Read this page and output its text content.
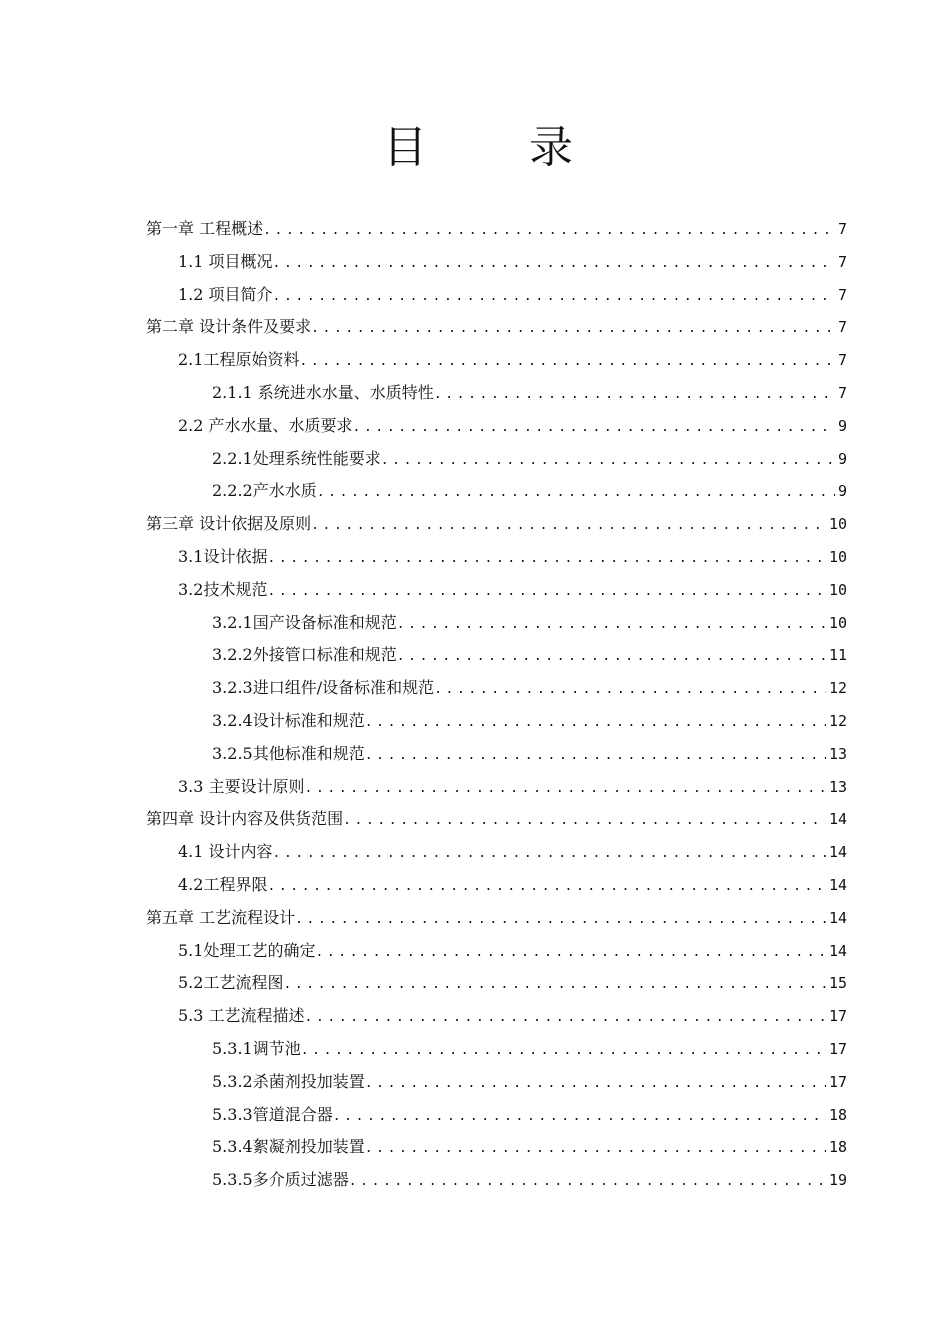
目 录
第一章 工程概述 .....	7
1.1 项目概况 .....	7
1.2 项目简介 .....	7
第二章 设计条件及要求 .....	7
2.1工程原始资料 .....	7
2.1.1 系统进水水量、水质特性 .....	7
2.2 产水水量、水质要求 .....	9
2.2.1处理系统性能要求 .....	9
2.2.2产水水质 .....	9
第三章 设计依据及原则 .....	10
3.1设计依据 .....	10
3.2技术规范 .....	10
3.2.1国产设备标准和规范 .....	10
3.2.2外接管口标准和规范 .....	11
3.2.3进口组件/设备标准和规范 .....	12
3.2.4设计标准和规范 .....	12
3.2.5其他标准和规范 .....	13
3.3 主要设计原则 .....	13
第四章 设计内容及供货范围 .....	14
4.1 设计内容 .....	14
4.2工程界限 .....	14
第五章 工艺流程设计 .....	14
5.1处理工艺的确定 .....	14
5.2工艺流程图 .....	15
5.3 工艺流程描述 .....	17
5.3.1调节池 .....	17
5.3.2杀菌剂投加装置 .....	17
5.3.3管道混合器 .....	18
5.3.4絮凝剂投加装置 .....	18
5.3.5多介质过滤器 .....	19
